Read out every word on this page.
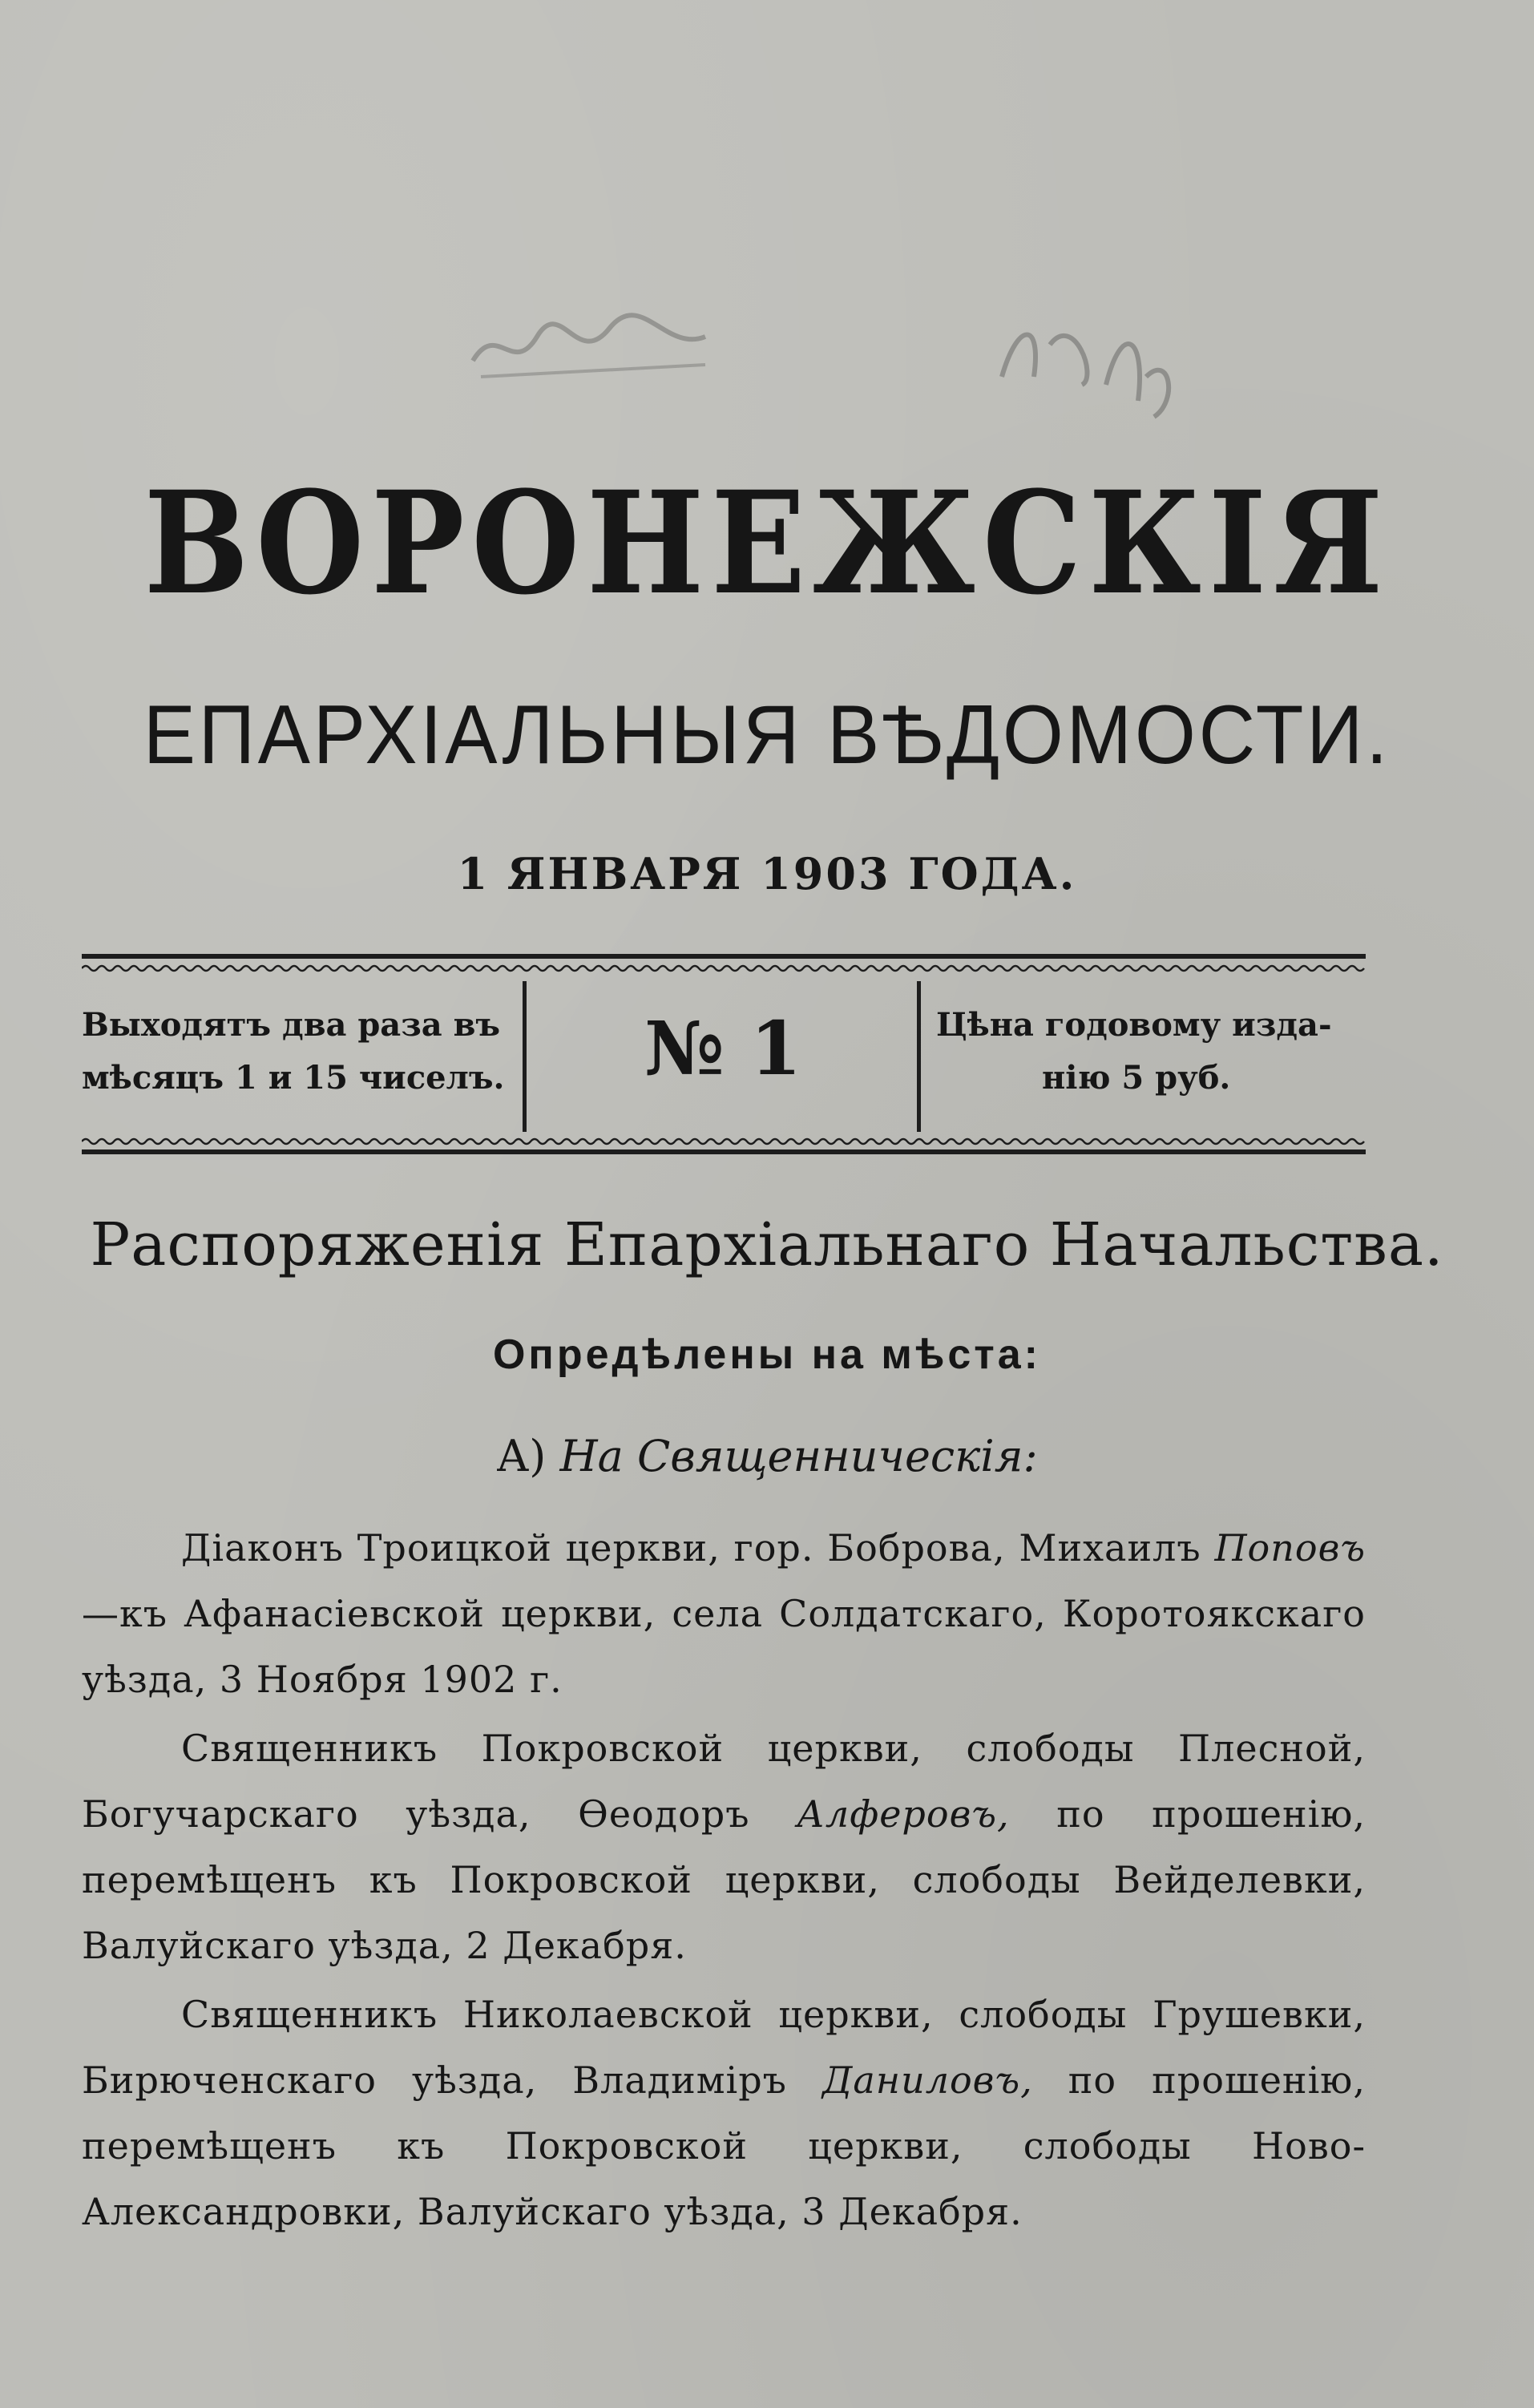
ВОРОНЕЖСКІЯ
ЕПАРХІАЛЬНЫЯ ВѢДОМОСТИ.
1 ЯНВАРЯ 1903 ГОДА.
Выходятъ два раза въ
мѣсяцъ 1 и 15 чиселъ.	№ 1	Цѣна годовому изда-
нію 5 руб.
Распоряженія Епархіальнаго Начальства.
Опредѣлены на мѣста:
А) На Священническія:

Діаконъ Троицкой церкви, гор. Боброва, Михаилъ Поповъ—къ Афанасіевской церкви, села Солдатскаго, Коротоякскаго уѣзда, 3 Ноября 1902 г.

Священникъ Покровской церкви, слободы Плесной, Богучарскаго уѣзда, Ѳеодоръ Алферовъ, по прошенію, перемѣщенъ къ Покровской церкви, слободы Вейделевки, Валуйскаго уѣзда, 2 Декабря.

Священникъ Николаевской церкви, слободы Грушевки, Бирюченскаго уѣзда, Владиміръ Даниловъ, по прошенію, перемѣщенъ къ Покровской церкви, слободы Ново-Александровки, Валуйскаго уѣзда, 3 Декабря.
